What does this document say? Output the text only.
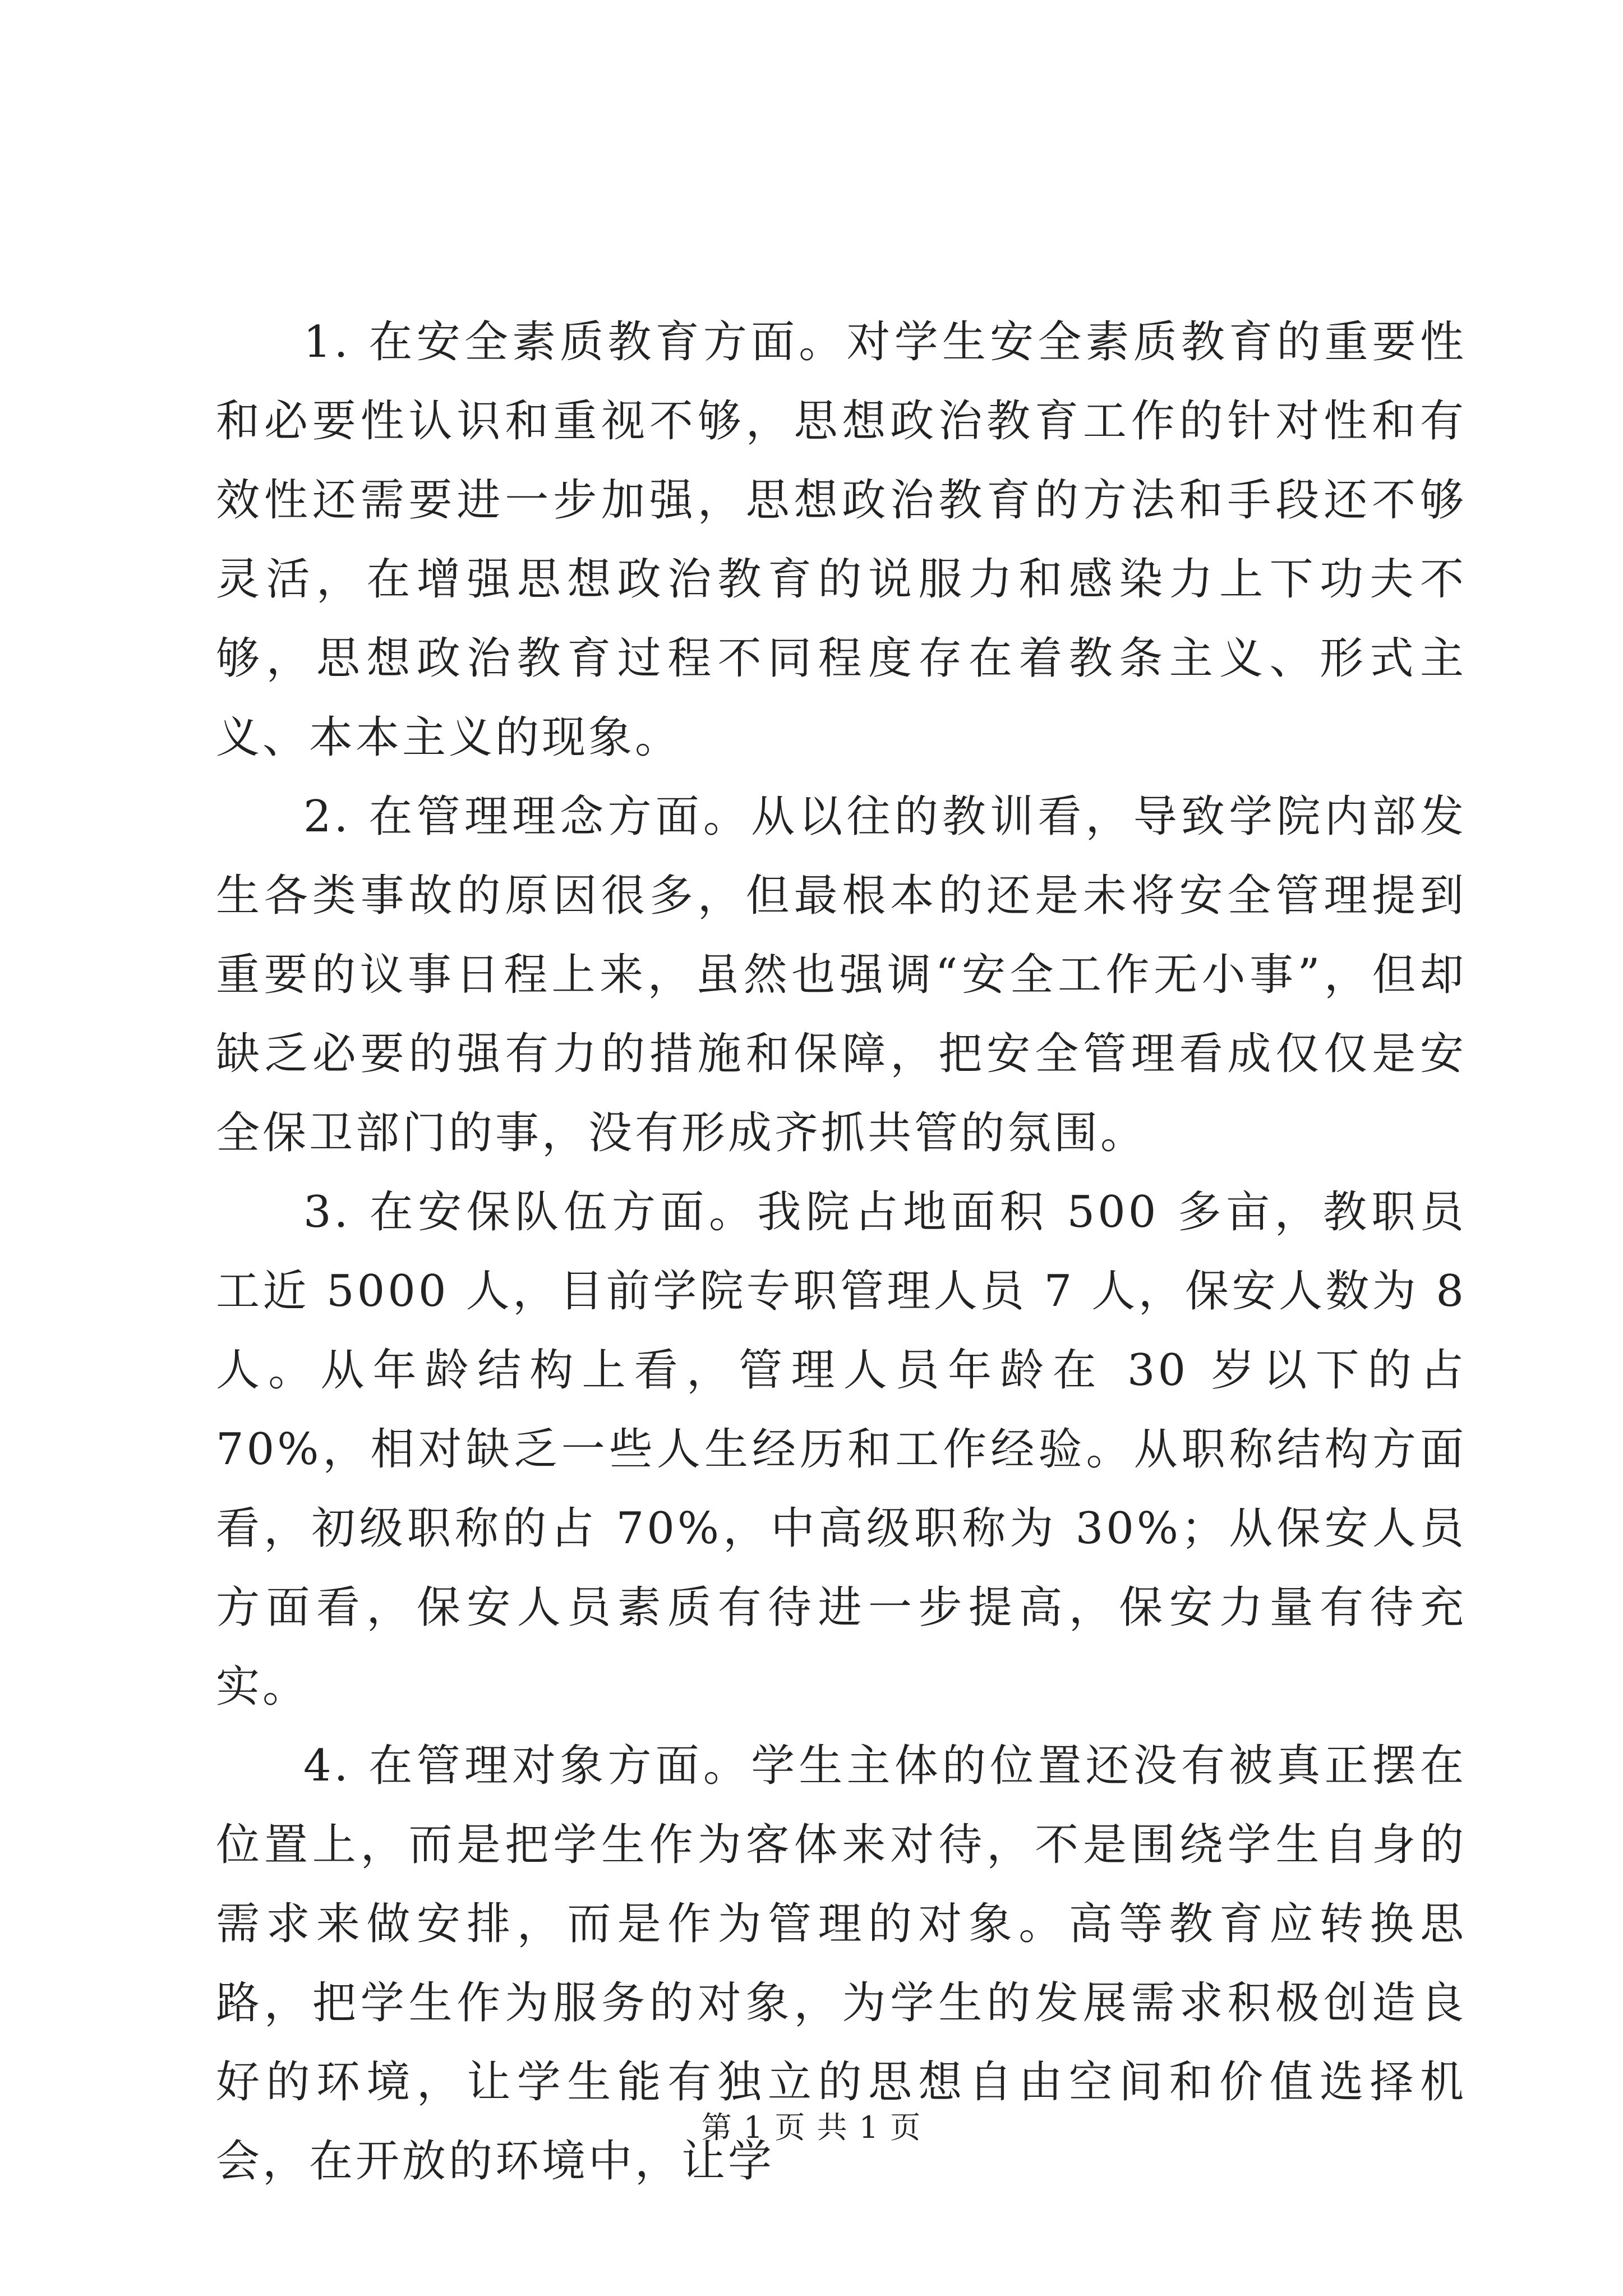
1. 在安全素质教育方面。对学生安全素质教育的重要性和必要性认识和重视不够，思想政治教育工作的针对性和有效性还需要进一步加强，思想政治教育的方法和手段还不够灵活，在增强思想政治教育的说服力和感染力上下功夫不够，思想政治教育过程不同程度存在着教条主义、形式主义、本本主义的现象。

2. 在管理理念方面。从以往的教训看，导致学院内部发生各类事故的原因很多，但最根本的还是未将安全管理提到重要的议事日程上来，虽然也强调“安全工作无小事”，但却缺乏必要的强有力的措施和保障，把安全管理看成仅仅是安全保卫部门的事，没有形成齐抓共管的氛围。

3. 在安保队伍方面。我院占地面积 500 多亩，教职员工近 5000 人，目前学院专职管理人员 7 人，保安人数为 8 人。从年龄结构上看，管理人员年龄在 30 岁以下的占 70%，相对缺乏一些人生经历和工作经验。从职称结构方面看，初级职称的占 70%，中高级职称为 30%；从保安人员方面看，保安人员素质有待进一步提高，保安力量有待充实。

4. 在管理对象方面。学生主体的位置还没有被真正摆在位置上，而是把学生作为客体来对待，不是围绕学生自身的需求来做安排，而是作为管理的对象。高等教育应转换思路，把学生作为服务的对象，为学生的发展需求积极创造良好的环境，让学生能有独立的思想自由空间和价值选择机会，在开放的环境中，让学

第 1 页 共 1 页
